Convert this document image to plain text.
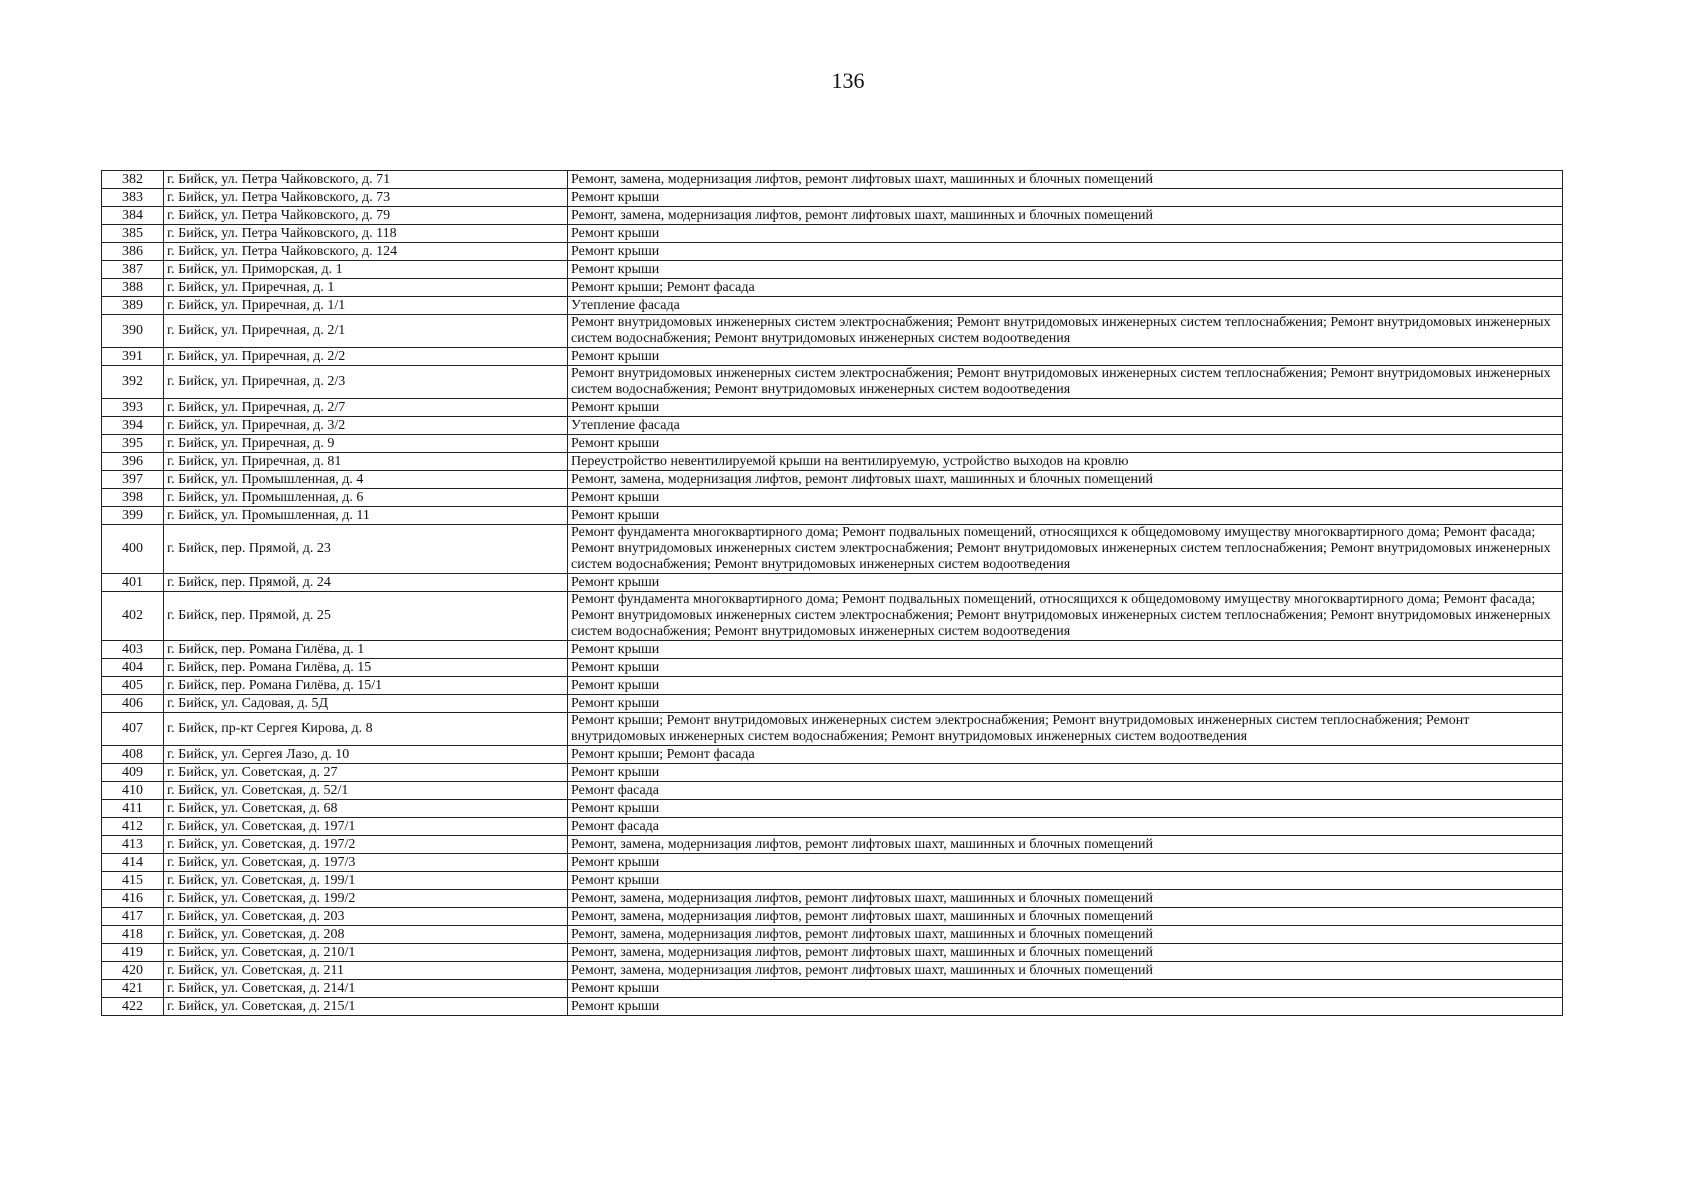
136
382	г. Бийск, ул. Петра Чайковского, д. 71	Ремонт, замена, модернизация лифтов, ремонт лифтовых шахт, машинных и блочных помещений
383	г. Бийск, ул. Петра Чайковского, д. 73	Ремонт крыши
384	г. Бийск, ул. Петра Чайковского, д. 79	Ремонт, замена, модернизация лифтов, ремонт лифтовых шахт, машинных и блочных помещений
385	г. Бийск, ул. Петра Чайковского, д. 118	Ремонт крыши
386	г. Бийск, ул. Петра Чайковского, д. 124	Ремонт крыши
387	г. Бийск, ул. Приморская, д. 1	Ремонт крыши
388	г. Бийск, ул. Приречная, д. 1	Ремонт крыши; Ремонт фасада
389	г. Бийск, ул. Приречная, д. 1/1	Утепление фасада
390	г. Бийск, ул. Приречная, д. 2/1	Ремонт внутридомовых инженерных систем электроснабжения; Ремонт внутридомовых инженерных систем теплоснабжения; Ремонт внутридомовых инженерных систем водоснабжения; Ремонт внутридомовых инженерных систем водоотведения
391	г. Бийск, ул. Приречная, д. 2/2	Ремонт крыши
392	г. Бийск, ул. Приречная, д. 2/3	Ремонт внутридомовых инженерных систем электроснабжения; Ремонт внутридомовых инженерных систем теплоснабжения; Ремонт внутридомовых инженерных систем водоснабжения; Ремонт внутридомовых инженерных систем водоотведения
393	г. Бийск, ул. Приречная, д. 2/7	Ремонт крыши
394	г. Бийск, ул. Приречная, д. 3/2	Утепление фасада
395	г. Бийск, ул. Приречная, д. 9	Ремонт крыши
396	г. Бийск, ул. Приречная, д. 81	Переустройство невентилируемой крыши на вентилируемую, устройство выходов на кровлю
397	г. Бийск, ул. Промышленная, д. 4	Ремонт, замена, модернизация лифтов, ремонт лифтовых шахт, машинных и блочных помещений
398	г. Бийск, ул. Промышленная, д. 6	Ремонт крыши
399	г. Бийск, ул. Промышленная, д. 11	Ремонт крыши
400	г. Бийск, пер. Прямой, д. 23	Ремонт фундамента многоквартирного дома; Ремонт подвальных помещений, относящихся к общедомовому имуществу многоквартирного дома; Ремонт фасада; Ремонт внутридомовых инженерных систем электроснабжения; Ремонт внутридомовых инженерных систем теплоснабжения; Ремонт внутридомовых инженерных систем водоснабжения; Ремонт внутридомовых инженерных систем водоотведения
401	г. Бийск, пер. Прямой, д. 24	Ремонт крыши
402	г. Бийск, пер. Прямой, д. 25	Ремонт фундамента многоквартирного дома; Ремонт подвальных помещений, относящихся к общедомовому имуществу многоквартирного дома; Ремонт фасада; Ремонт внутридомовых инженерных систем электроснабжения; Ремонт внутридомовых инженерных систем теплоснабжения; Ремонт внутридомовых инженерных систем водоснабжения; Ремонт внутридомовых инженерных систем водоотведения
403	г. Бийск, пер. Романа Гилёва, д. 1	Ремонт крыши
404	г. Бийск, пер. Романа Гилёва, д. 15	Ремонт крыши
405	г. Бийск, пер. Романа Гилёва, д. 15/1	Ремонт крыши
406	г. Бийск, ул. Садовая, д. 5Д	Ремонт крыши
407	г. Бийск, пр-кт Сергея Кирова, д. 8	Ремонт крыши; Ремонт внутридомовых инженерных систем электроснабжения; Ремонт внутридомовых инженерных систем теплоснабжения; Ремонт внутридомовых инженерных систем водоснабжения; Ремонт внутридомовых инженерных систем водоотведения
408	г. Бийск, ул. Сергея Лазо, д. 10	Ремонт крыши; Ремонт фасада
409	г. Бийск, ул. Советская, д. 27	Ремонт крыши
410	г. Бийск, ул. Советская, д. 52/1	Ремонт фасада
411	г. Бийск, ул. Советская, д. 68	Ремонт крыши
412	г. Бийск, ул. Советская, д. 197/1	Ремонт фасада
413	г. Бийск, ул. Советская, д. 197/2	Ремонт, замена, модернизация лифтов, ремонт лифтовых шахт, машинных и блочных помещений
414	г. Бийск, ул. Советская, д. 197/3	Ремонт крыши
415	г. Бийск, ул. Советская, д. 199/1	Ремонт крыши
416	г. Бийск, ул. Советская, д. 199/2	Ремонт, замена, модернизация лифтов, ремонт лифтовых шахт, машинных и блочных помещений
417	г. Бийск, ул. Советская, д. 203	Ремонт, замена, модернизация лифтов, ремонт лифтовых шахт, машинных и блочных помещений
418	г. Бийск, ул. Советская, д. 208	Ремонт, замена, модернизация лифтов, ремонт лифтовых шахт, машинных и блочных помещений
419	г. Бийск, ул. Советская, д. 210/1	Ремонт, замена, модернизация лифтов, ремонт лифтовых шахт, машинных и блочных помещений
420	г. Бийск, ул. Советская, д. 211	Ремонт, замена, модернизация лифтов, ремонт лифтовых шахт, машинных и блочных помещений
421	г. Бийск, ул. Советская, д. 214/1	Ремонт крыши
422	г. Бийск, ул. Советская, д. 215/1	Ремонт крыши
